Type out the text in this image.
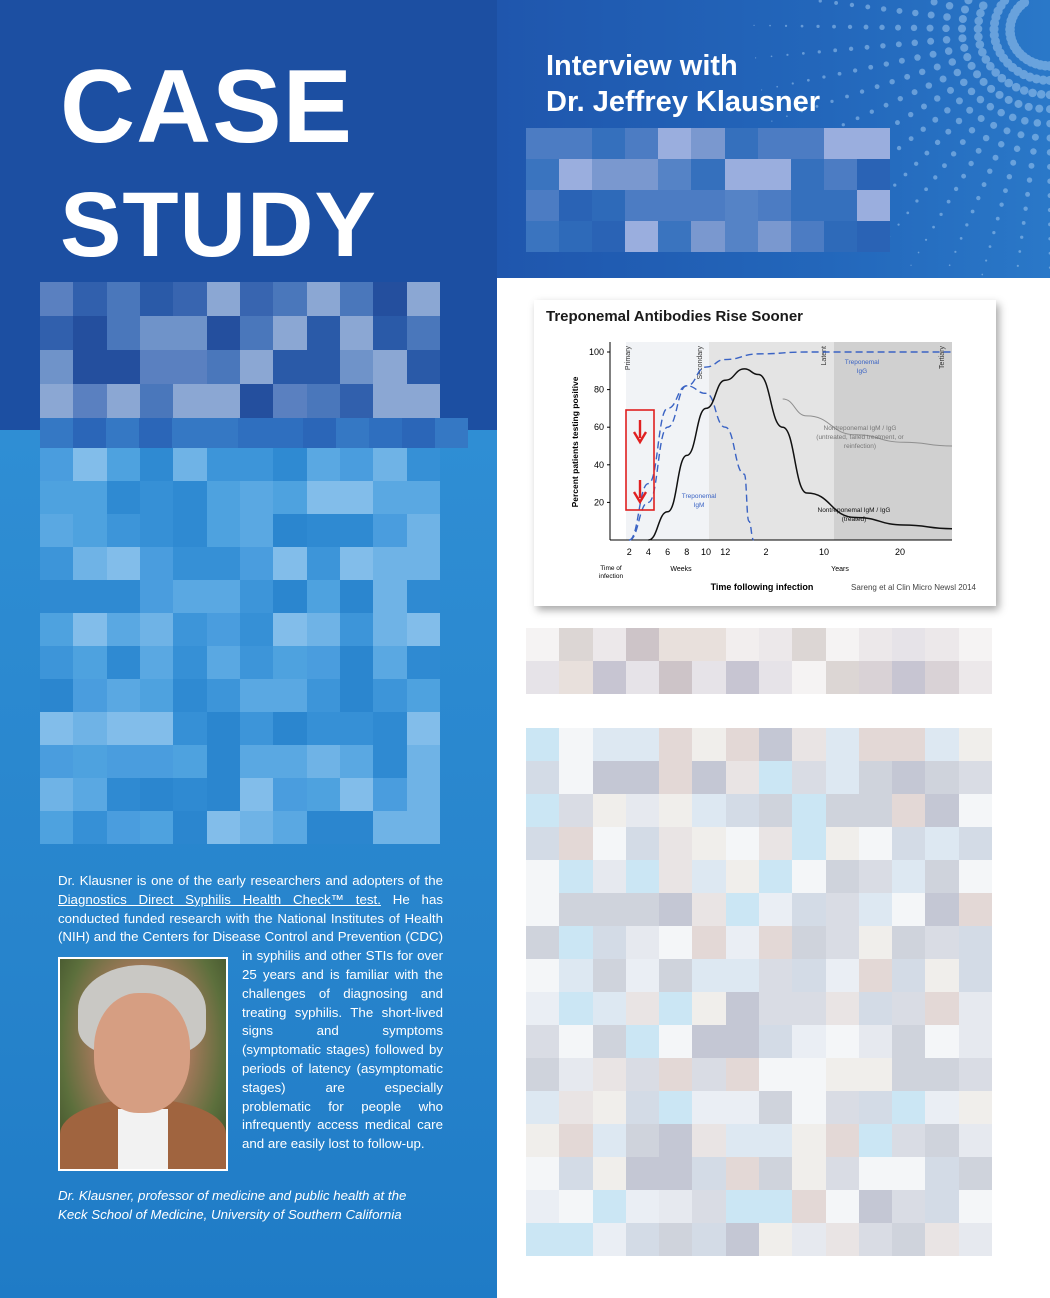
CASE
STUDY
Interview with
Dr. Jeffrey Klausner
Dr. Klausner is one of the early researchers and adopters of the Diagnostics Direct Syphilis Health Check™ test. He has conducted funded research with the National Institutes of Health (NIH) and the Centers for Disease Control and Prevention (CDC)
in syphilis and other STIs for over 25 years and is familiar with the challenges of diagnosing and treating syphilis. The short-lived signs and symptoms (symptomatic stages) followed by periods of latency (asymptomatic stages) are especially problematic for people who infrequently access medical care and are easily lost to follow-up.
Dr. Klausner, professor of medicine and public health at the
Keck School of Medicine, University of Southern California
Treponemal Antibodies Rise Sooner
Primary	Secondary	Latent	Tertiary
100
80
60
40
20
Percent patients testing positive
2 4 6 8 10 12	2	10	20
Weeks	Years
Time of
infection
Time following infection	Sareng et al Clin Micro Newsl 2014
Treponemal
IgG
Treponemal
IgM
Nontreponemal IgM / IgG
(untreated, failed treatment, or
reinfection)
Nontreponemal IgM / IgG
(treated)
